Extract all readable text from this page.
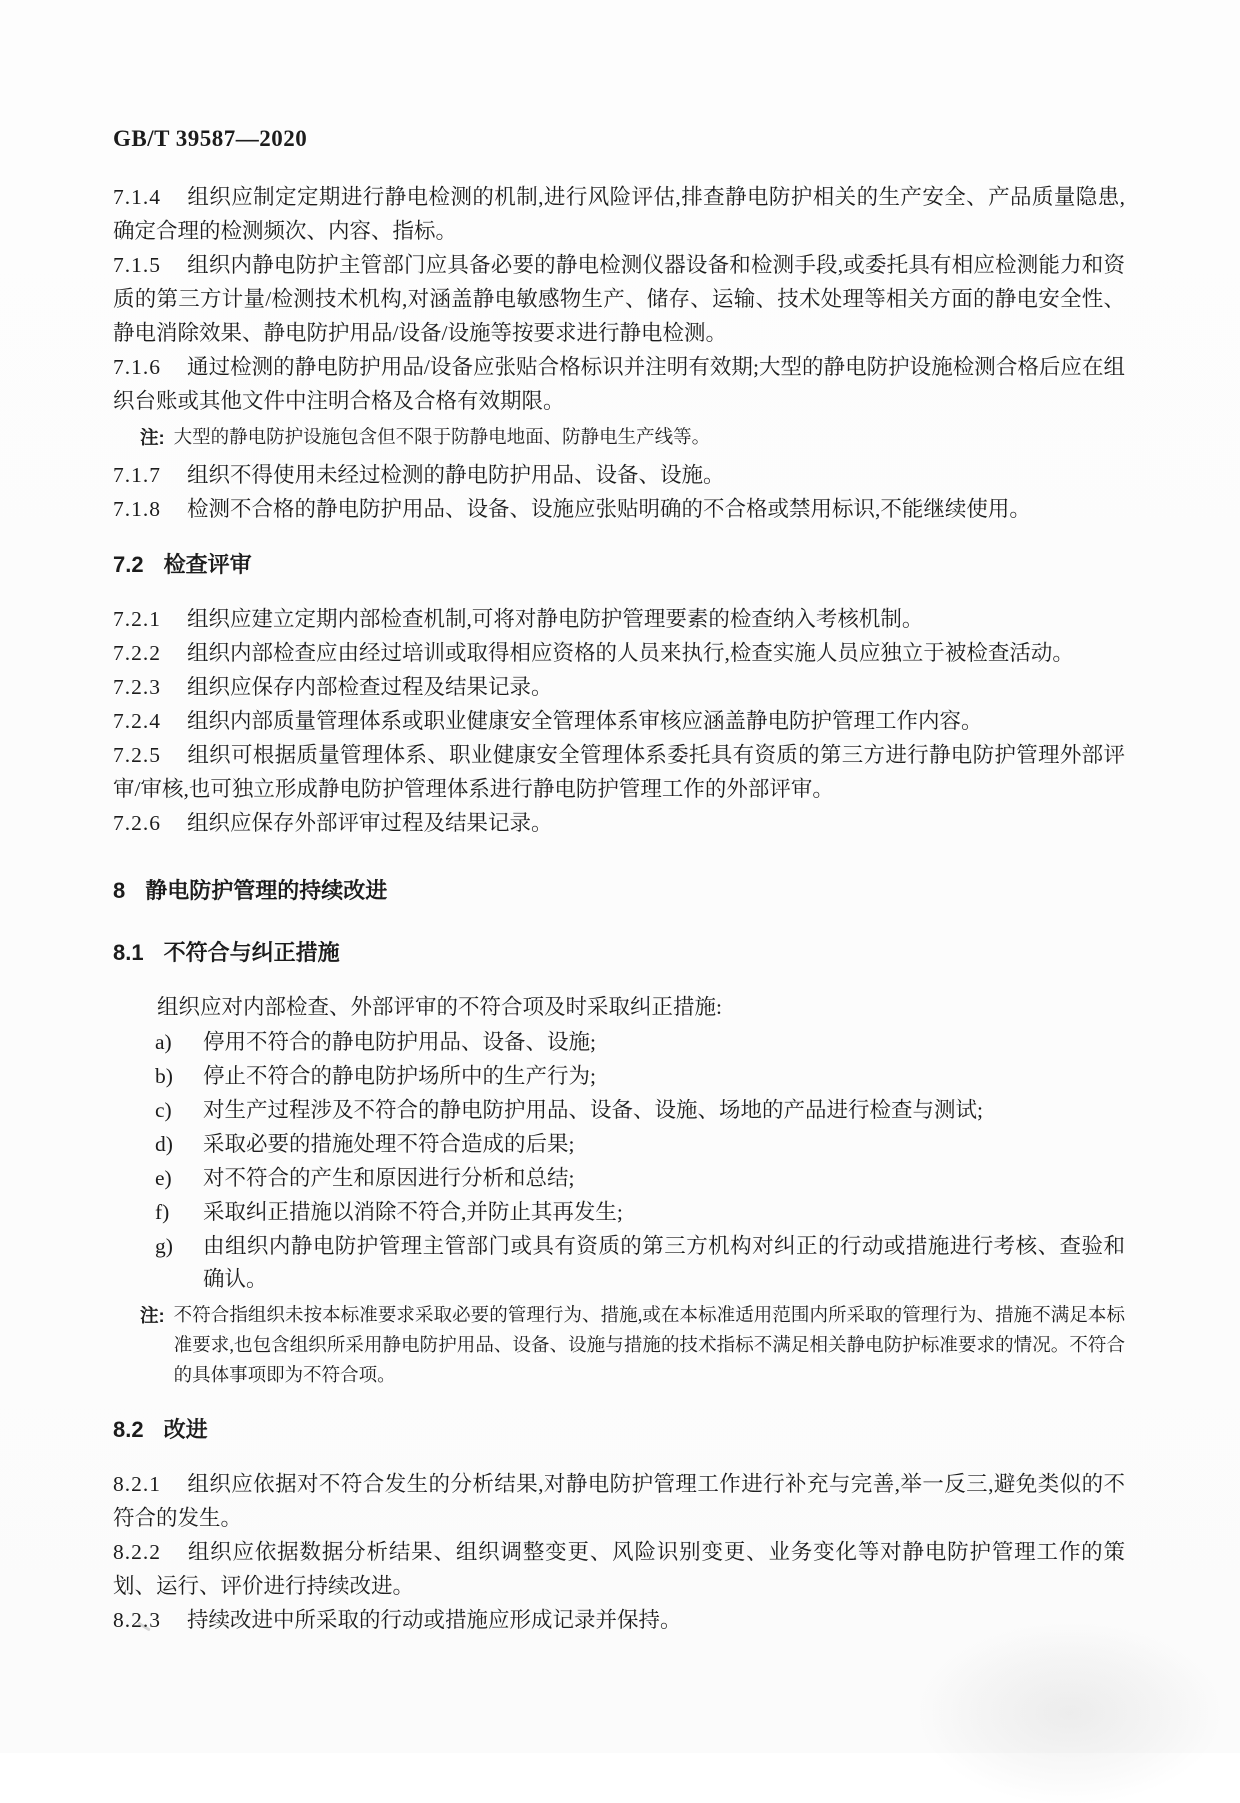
GB/T 39587—2020

7.1.4 组织应制定定期进行静电检测的机制,进行风险评估,排查静电防护相关的生产安全、产品质量隐患,确定合理的检测频次、内容、指标。

7.1.5 组织内静电防护主管部门应具备必要的静电检测仪器设备和检测手段,或委托具有相应检测能力和资质的第三方计量/检测技术机构,对涵盖静电敏感物生产、储存、运输、技术处理等相关方面的静电安全性、静电消除效果、静电防护用品/设备/设施等按要求进行静电检测。

7.1.6 通过检测的静电防护用品/设备应张贴合格标识并注明有效期;大型的静电防护设施检测合格后应在组织台账或其他文件中注明合格及合格有效期限。

注: 大型的静电防护设施包含但不限于防静电地面、防静电生产线等。

7.1.7 组织不得使用未经过检测的静电防护用品、设备、设施。

7.1.8 检测不合格的静电防护用品、设备、设施应张贴明确的不合格或禁用标识,不能继续使用。

7.2 检查评审

7.2.1 组织应建立定期内部检查机制,可将对静电防护管理要素的检查纳入考核机制。

7.2.2 组织内部检查应由经过培训或取得相应资格的人员来执行,检查实施人员应独立于被检查活动。

7.2.3 组织应保存内部检查过程及结果记录。

7.2.4 组织内部质量管理体系或职业健康安全管理体系审核应涵盖静电防护管理工作内容。

7.2.5 组织可根据质量管理体系、职业健康安全管理体系委托具有资质的第三方进行静电防护管理外部评审/审核,也可独立形成静电防护管理体系进行静电防护管理工作的外部评审。

7.2.6 组织应保存外部评审过程及结果记录。

8 静电防护管理的持续改进
8.1 不符合与纠正措施

组织应对内部检查、外部评审的不符合项及时采取纠正措施:

a)	停用不符合的静电防护用品、设备、设施;
b)	停止不符合的静电防护场所中的生产行为;
c)	对生产过程涉及不符合的静电防护用品、设备、设施、场地的产品进行检查与测试;
d)	采取必要的措施处理不符合造成的后果;
e)	对不符合的产生和原因进行分析和总结;
f)	采取纠正措施以消除不符合,并防止其再发生;
g)	由组织内静电防护管理主管部门或具有资质的第三方机构对纠正的行动或措施进行考核、查验和确认。
注: 不符合指组织未按本标准要求采取必要的管理行为、措施,或在本标准适用范围内所采取的管理行为、措施不满足本标准要求,也包含组织所采用静电防护用品、设备、设施与措施的技术指标不满足相关静电防护标准要求的情况。不符合的具体事项即为不符合项。
8.2 改进

8.2.1 组织应依据对不符合发生的分析结果,对静电防护管理工作进行补充与完善,举一反三,避免类似的不符合的发生。

8.2.2 组织应依据数据分析结果、组织调整变更、风险识别变更、业务变化等对静电防护管理工作的策划、运行、评价进行持续改进。

8.2.3 持续改进中所采取的行动或措施应形成记录并保持。
